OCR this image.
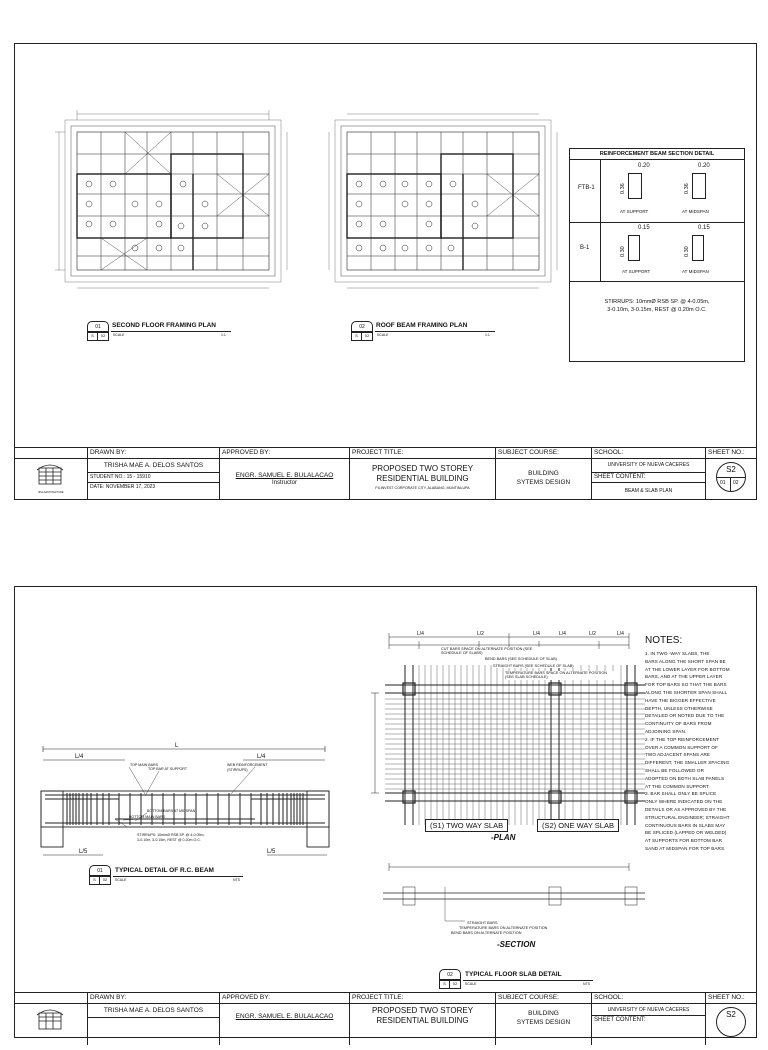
01
S	02
SECOND FLOOR FRAMING PLAN
SCALE	1:1
02
S	02
ROOF BEAM FRAMING PLAN
SCALE	1:1
REINFORCEMENT BEAM SECTION DETAIL
FTB-1
0.20	0.20
0.36	0.36
AT SUPPORT	AT MIDSPAN
B-1
0.15	0.15
0.30	0.30
AT SUPPORT	AT MIDSPAN
STIRRUPS: 10mmØ RSB SP. @ 4-0.05m,
3-0.10m, 3-0.15m, REST @ 0.20m O.C.
BSA ARCHITECTURE
DRAWN BY:
TRISHA MAE A. DELOS SANTOS
STUDENT NO.: 15 - 15910
DATE: NOVEMBER 17, 2023
APPROVED BY:
ENGR. SAMUEL E. BULALACAO
Instructor
PROJECT TITLE:
PROPOSED TWO STOREY
RESIDENTIAL BUILDING
FILINVEST CORPORATE CITY, ALABANG, MUNTINLUPA
SUBJECT COURSE:
BUILDING
SYTEMS DESIGN
SCHOOL:
UNIVERSITY OF NUEVA CACERES
SHEET CONTENT:
BEAM & SLAB PLAN
SHEET NO.:
S2
01 02
L
L/4	L/4
L/5	L/5
TOP MAIN BARS
TOP BAR AT SUPPORT
WEB REINFORCEMENT (STIRRUPS)
BOTTOM BARS AT MIDSPAN
BOTTOM MAIN BARS
STIRRUPS: 10mmØ RSB SP. @ 4-0.05m,
3-0.10m, 3-0.15m, REST @ 0.20m O.C.
01
S	02
TYPICAL DETAIL OF R.C. BEAM
SCALE	NTS
L/4	L/2	L/4	L/4	L/2	L/4
CUT BARS SPACE ON ALTERNATE POSITION (SEE SCHEDULE OF SLABS)
BEND BARS (SEE SCHEDULE OF SLAB)
STRAIGHT BARS (SEE SCHEDULE OF SLAB)
TEMPERATURE BARS SPACE ON ALTERNATE POSITION (SEE SLAB SCHEDULE)
(S1) TWO WAY SLAB	(S2) ONE WAY SLAB
-PLAN
STRAIGHT BARS
TEMPERATURE BARS ON ALTERNATE POSITION
BEND BARS ON ALTERNATE POSITION
-SECTION
02
S	02
TYPICAL FLOOR SLAB DETAIL
SCALE	NTS
NOTES:
1. IN TWO -WAY SLABS, THE
BARS ALONG THE SHORT SPAN BE
AT THE LOWER LAYER FOR BOTTOM
BARS, AND AT THE UPPER LAYER
FOR TOP BARS SO THAT THE BARS
ALONG THE SHORTER SPAN SHALL
HAVE THE BIGGER EFFECTIVE
DEPTH, UNLESS OTHERWISE
DETAILED OR NOTED DUE TO THE
CONTINUITY OF BARS FROM
ADJOINING SPAN.
2. IF THE TOP REINFORCEMENT
OVER A COMMON SUPPORT OF
TWO ADJACENT SPANS ARE
DIFFERENT, THE SMALLER SPACING
SHALL BE FOLLOWED OR
ADOPTED ON BOTH SLAB PANELS
AT THE COMMON SUPPORT.
3. BAR SHALL ONLY BE SPLICE
ONLY WHERE INDICATED ON THE
DETAILS OR AS APPROVED BY THE
STRUCTURAL ENGINEER; STRAIGHT
CONTINUOUS BARS IN SLABS MAY
BE SPLICED (LAPPED OR WELDED)
AT SUPPORTS FOR BOTTOM BAR
SAND AT MIDSPAN FOR TOP BARS.
DRAWN BY:
TRISHA MAE A. DELOS SANTOS
APPROVED BY:
ENGR. SAMUEL E. BULALACAO
PROJECT TITLE:
PROPOSED TWO STOREY
RESIDENTIAL BUILDING
SUBJECT COURSE:
BUILDING
SYTEMS DESIGN
SCHOOL:
UNIVERSITY OF NUEVA CACERES
SHEET CONTENT:
SHEET NO.:
S2
